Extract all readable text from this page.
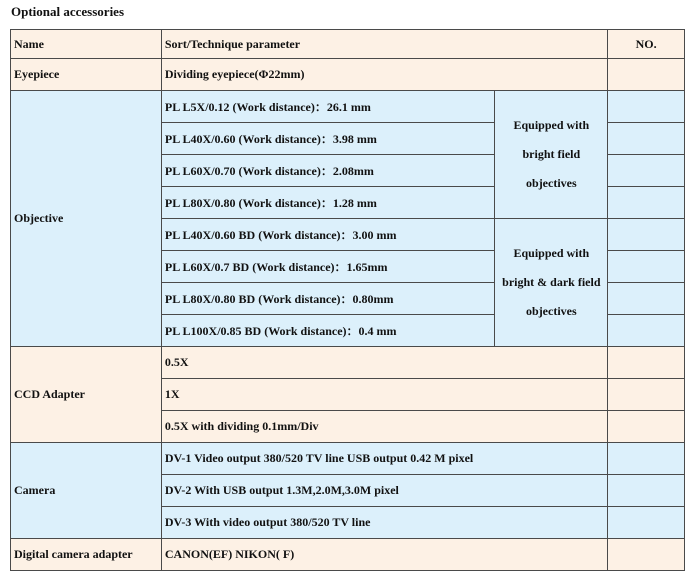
Optional accessories
Name	Sort/Technique parameter		NO.
Eyepiece	Dividing eyepiece(Φ22mm)		
Objective	PL L5X/0.12 (Work distance)：26.1 mm	Equipped with bright field objectives	
	PL L40X/0.60 (Work distance)：3.98 mm		
	PL L60X/0.70 (Work distance)：2.08mm		
	PL L80X/0.80 (Work distance)：1.28 mm		
	PL L40X/0.60 BD (Work distance)：3.00 mm	Equipped with bright & dark field objectives	
	PL L60X/0.7 BD (Work distance)：1.65mm		
	PL L80X/0.80 BD (Work distance)：0.80mm		
	PL L100X/0.85 BD (Work distance)：0.4 mm		
CCD Adapter	0.5X		
	1X		
	0.5X with dividing 0.1mm/Div		
Camera	DV-1 Video output 380/520 TV line USB output 0.42 M pixel		
	DV-2 With USB output 1.3M,2.0M,3.0M pixel		
	DV-3 With video output 380/520 TV line		
Digital camera adapter	CANON(EF) NIKON( F)		
